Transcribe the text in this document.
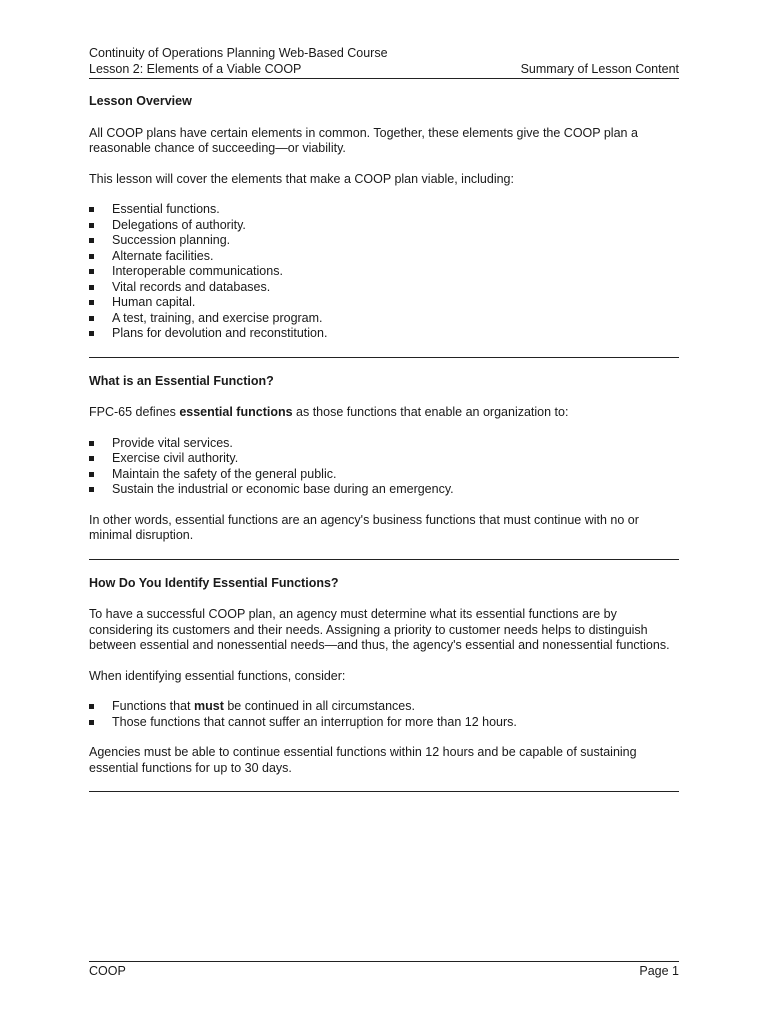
Continuity of Operations Planning Web-Based Course
Lesson 2: Elements of a Viable COOP	Summary of Lesson Content
Lesson Overview

All COOP plans have certain elements in common. Together, these elements give the COOP plan a reasonable chance of succeeding—or viability.

This lesson will cover the elements that make a COOP plan viable, including:

Essential functions.
Delegations of authority.
Succession planning.
Alternate facilities.
Interoperable communications.
Vital records and databases.
Human capital.
A test, training, and exercise program.
Plans for devolution and reconstitution.
What is an Essential Function?

FPC-65 defines essential functions as those functions that enable an organization to:

Provide vital services.
Exercise civil authority.
Maintain the safety of the general public.
Sustain the industrial or economic base during an emergency.

In other words, essential functions are an agency's business functions that must continue with no or minimal disruption.

How Do You Identify Essential Functions?

To have a successful COOP plan, an agency must determine what its essential functions are by considering its customers and their needs. Assigning a priority to customer needs helps to distinguish between essential and nonessential needs—and thus, the agency's essential and nonessential functions.

When identifying essential functions, consider:

Functions that must be continued in all circumstances.
Those functions that cannot suffer an interruption for more than 12 hours.

Agencies must be able to continue essential functions within 12 hours and be capable of sustaining essential functions for up to 30 days.

COOP	Page 1
